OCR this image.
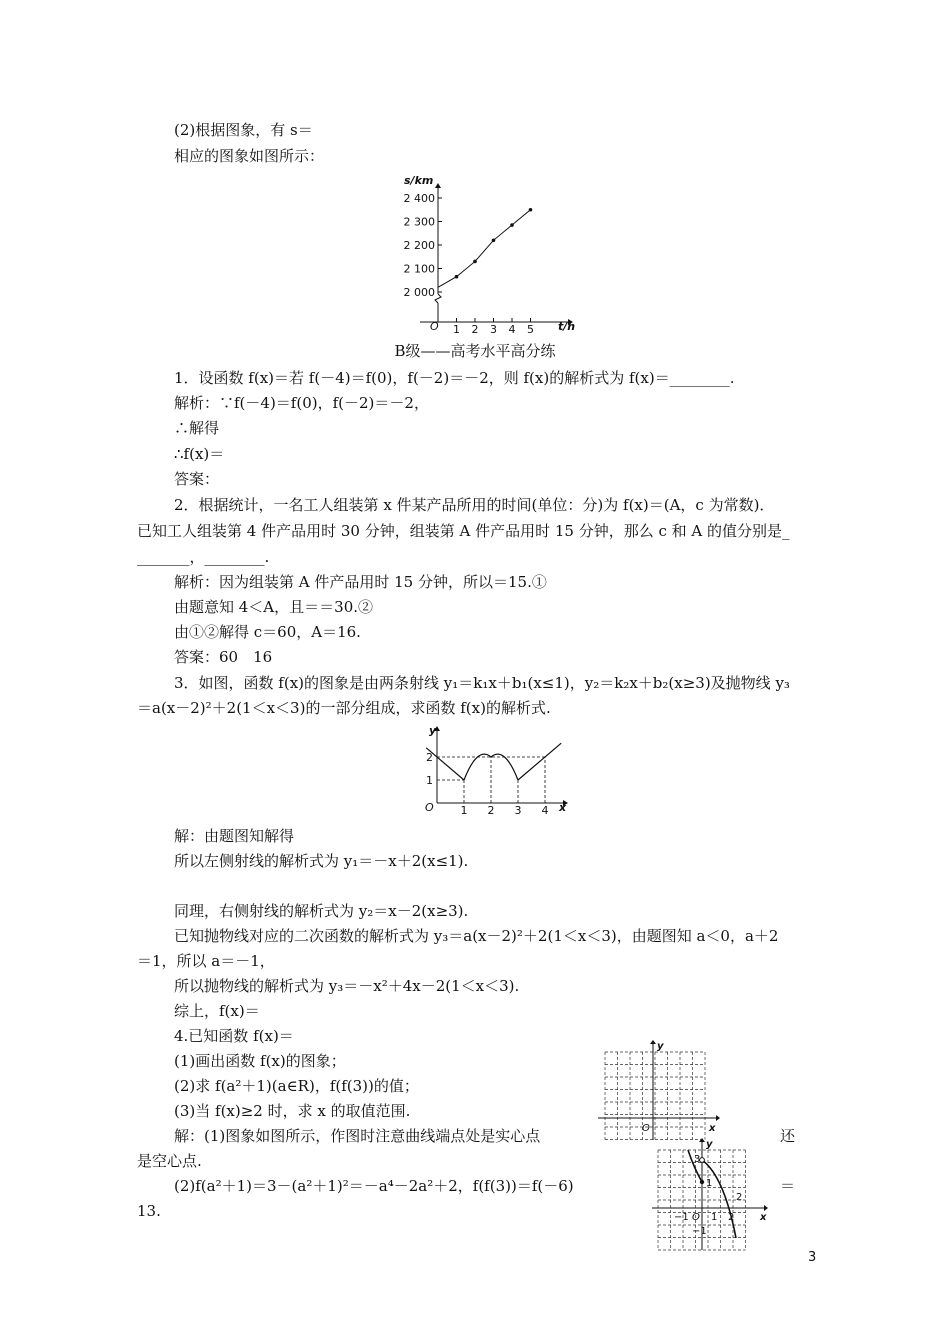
(2)根据图象，有 s＝
相应的图象如图所示：
2 000
2 100
2 200
2 300
2 400
1 2 3 4 5
s/km
t/h
O
B级——高考水平高分练
1．设函数 f(x)＝若 f(－4)＝f(0)，f(－2)＝－2，则 f(x)的解析式为 f(x)＝________.
解析：∵f(－4)＝f(0)，f(－2)＝－2，
∴解得
∴f(x)＝
答案：
2．根据统计，一名工人组装第 x 件某产品所用的时间(单位：分)为 f(x)＝(A，c 为常数)．
已知工人组装第 4 件产品用时 30 分钟，组装第 A 件产品用时 15 分钟，那么 c 和 A 的值分别是_
_______，________.
解析：因为组装第 A 件产品用时 15 分钟，所以＝15.①
由题意知 4＜A，且＝＝30.②
由①②解得 c＝60，A＝16.
答案：60　16
3．如图，函数 f(x)的图象是由两条射线 y₁＝k₁x＋b₁(x≤1)，y₂＝k₂x＋b₂(x≥3)及抛物线 y₃
＝a(x－2)²＋2(1＜x＜3)的一部分组成，求函数 f(x)的解析式.
1 2 3 4
1
2
y
x
O
解：由题图知解得
所以左侧射线的解析式为 y₁＝－x＋2(x≤1).
同理，右侧射线的解析式为 y₂＝x－2(x≥3).
已知抛物线对应的二次函数的解析式为 y₃＝a(x－2)²＋2(1＜x＜3)，由题图知 a＜0，a＋2
＝1，所以 a＝－1，
所以抛物线的解析式为 y₃＝－x²＋4x－2(1＜x＜3).
综上，f(x)＝
4.已知函数 f(x)＝
(1)画出函数 f(x)的图象；
(2)求 f(a²＋1)(a∈R)，f(f(3))的值；
(3)当 f(x)≥2 时，求 x 的取值范围.
解：(1)图象如图所示，作图时注意曲线端点处是实心点	还
是空心点.
(2)f(a²＋1)＝3－(a²＋1)²＝－a⁴－2a²＋2，f(f(3))＝f(－6)	＝
13.
y
x
O
y
x
O
3
2
1
−1 1 2
−1
3
